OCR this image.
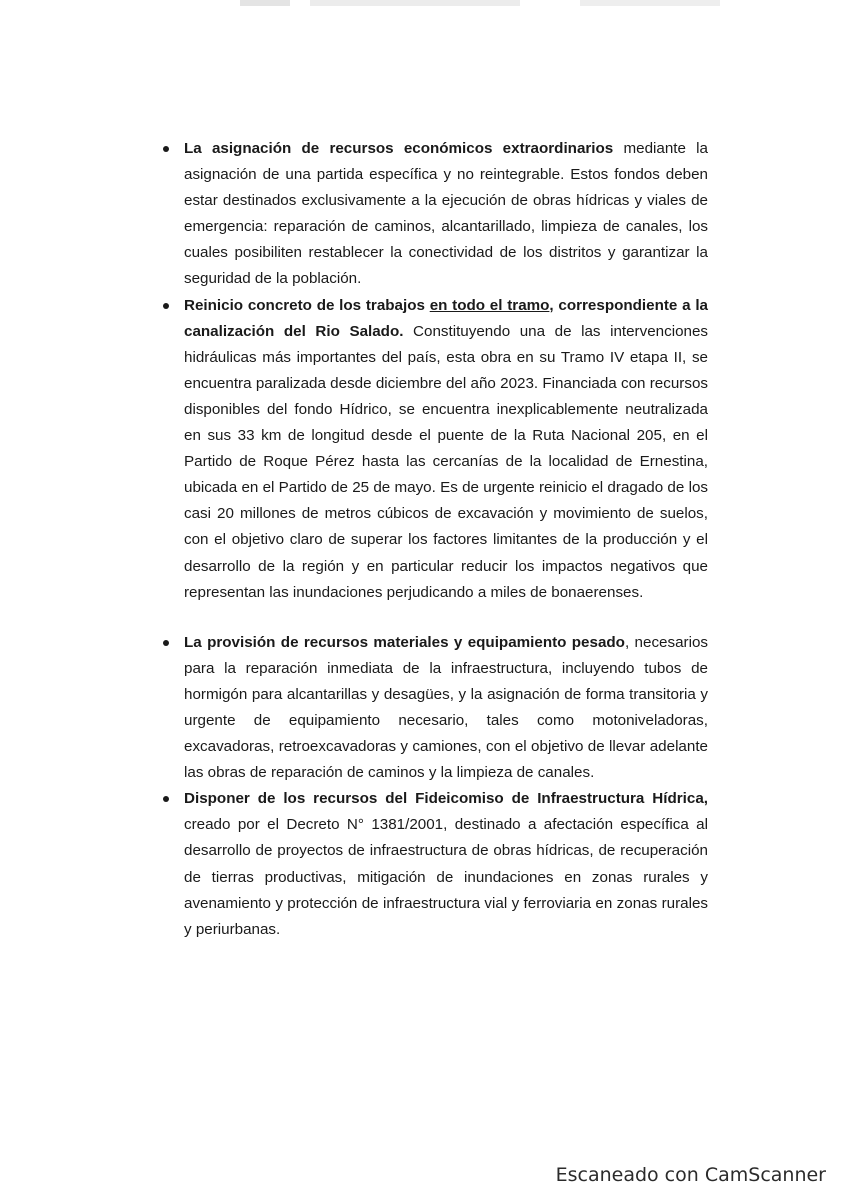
La asignación de recursos económicos extraordinarios mediante la asignación de una partida específica y no reintegrable. Estos fondos deben estar destinados exclusivamente a la ejecución de obras hídricas y viales de emergencia: reparación de caminos, alcantarillado, limpieza de canales, los cuales posibiliten restablecer la conectividad de los distritos y garantizar la seguridad de la población.
Reinicio concreto de los trabajos en todo el tramo, correspondiente a la canalización del Rio Salado. Constituyendo una de las intervenciones hidráulicas más importantes del país, esta obra en su Tramo IV etapa II, se encuentra paralizada desde diciembre del año 2023. Financiada con recursos disponibles del fondo Hídrico, se encuentra inexplicablemente neutralizada en sus 33 km de longitud desde el puente de la Ruta Nacional 205, en el Partido de Roque Pérez hasta las cercanías de la localidad de Ernestina, ubicada en el Partido de 25 de mayo. Es de urgente reinicio el dragado de los casi 20 millones de metros cúbicos de excavación y movimiento de suelos, con el objetivo claro de superar los factores limitantes de la producción y el desarrollo de la región y en particular reducir los impactos negativos que representan las inundaciones perjudicando a miles de bonaerenses.
La provisión de recursos materiales y equipamiento pesado, necesarios para la reparación inmediata de la infraestructura, incluyendo tubos de hormigón para alcantarillas y desagües, y la asignación de forma transitoria y urgente de equipamiento necesario, tales como motoniveladoras, excavadoras, retroexcavadoras y camiones, con el objetivo de llevar adelante las obras de reparación de caminos y la limpieza de canales.
Disponer de los recursos del Fideicomiso de Infraestructura Hídrica, creado por el Decreto N° 1381/2001, destinado a afectación específica al desarrollo de proyectos de infraestructura de obras hídricas, de recuperación de tierras productivas, mitigación de inundaciones en zonas rurales y avenamiento y protección de infraestructura vial y ferroviaria en zonas rurales y periurbanas.
Escaneado con CamScanner
